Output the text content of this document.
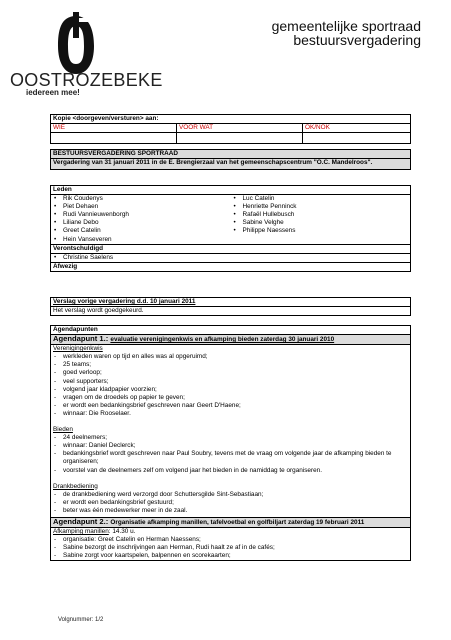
OOSTROZEBEKE
iedereen mee!
gemeentelijke sportraad
bestuursvergadering
Kopie <doorgeven/versturen> aan:		
WIE	VOOR WAT	OK/NOK

BESTUURSVERGADERING SPORTRAAD
Vergadering van 31 januari 2011 in de E. Brengierzaal van het gemeenschapscentrum "O.C. Mandelroos".
Leden

• Rik Coudenys
• Piet Dehaen
• Rudi Vannieuwenborgh
• Liliane Debo
• Greet Catelin
• Hein Vanseveren

• Luc Catelin
• Henriette Penninck
• Rafaël Hullebusch
• Sabine Velghe
• Philippe Naessens

Verontschuldigd

• Christine Saelens

Afwezig
Verslag vorige vergadering d.d. 10 januari 2011
Het verslag wordt goedgekeurd.
Agendapunten
Agendapunt 1.: evaluatie verenigingenkwis en afkamping bieden zaterdag 30 januari 2010

Verenigingenkwis
- werkleden waren op tijd en alles was al opgeruimd;
- 25 teams;
- goed verloop;
- veel supporters;
- volgend jaar kladpapier voorzien;
- vragen om de droedels op papier te geven;
- er wordt een bedankingsbrief geschreven naar Geert D'Haene;
- winnaar: Die Rooselaer.
Bieden
- 24 deelnemers;
- winnaar: Daniel Declerck;
- bedankingsbrief wordt geschreven naar Paul Soubry, tevens met de vraag om volgende jaar de afkamping bieden te organiseren;
- voorstel van de deelnemers zelf om volgend jaar het bieden in de namiddag te organiseren.
Drankbediening
- de drankbediening werd verzorgd door Schuttersgilde Sint-Sebastiaan;
- er wordt een bedankingsbrief gestuurd;
- beter was één medewerker meer in de zaal.

Agendapunt 2.: Organisatie afkamping manillen, tafelvoetbal en golfbiljart zaterdag 19 februari 2011

Afkamping manillen: 14.30 u.
- organisatie: Greet Catelin en Herman Naessens;
- Sabine bezorgt de inschrijvingen aan Herman, Rudi haalt ze af in de cafés;
- Sabine zorgt voor kaartspelen, balpennen en scorekaarten;
Volgnummer: 1/2
